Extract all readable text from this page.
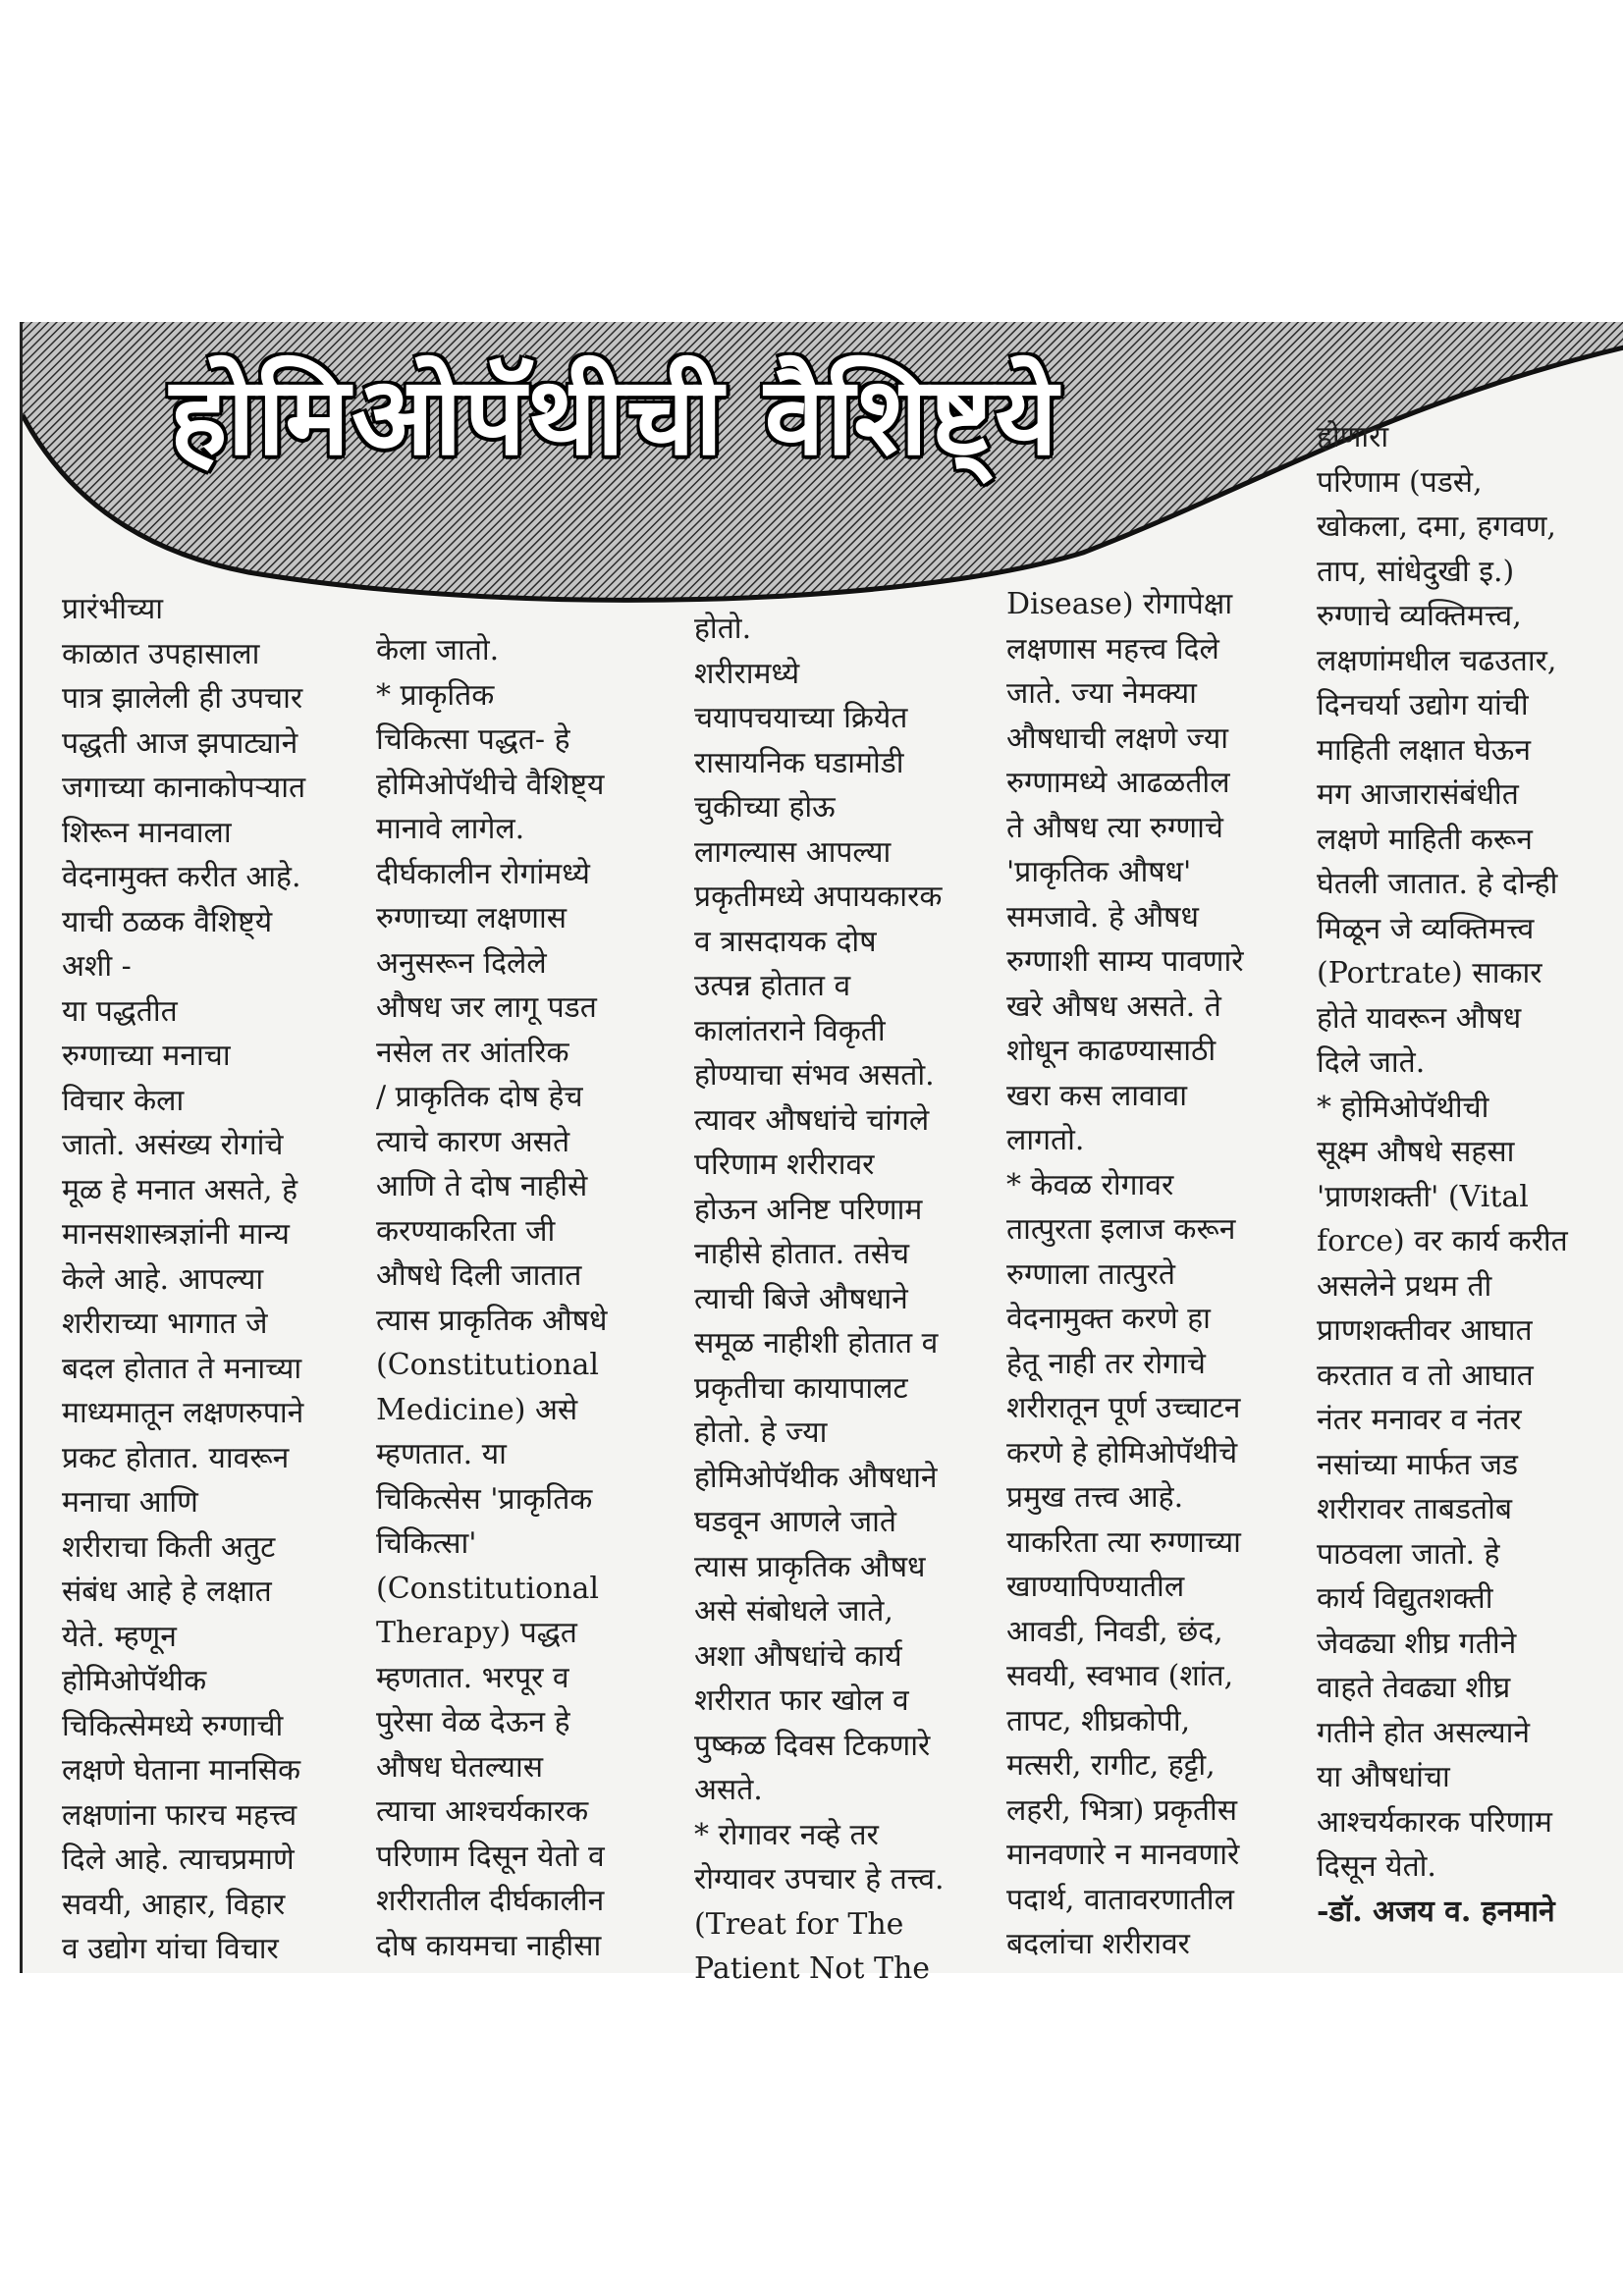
होमिओपॅथीची वैशिष्ट्ये

प्रारंभीच्या
काळात उपहासाला
पात्र झालेली ही उपचार
पद्धती आज झपाट्याने
जगाच्या कानाकोपऱ्यात
शिरून मानवाला
वेदनामुक्त करीत आहे.
याची ठळक वैशिष्ट्ये
अशी -
या पद्धतीत
रुग्णाच्या मनाचा
विचार केला
जातो. असंख्य रोगांचे
मूळ हे मनात असते, हे
मानसशास्त्रज्ञांनी मान्य
केले आहे. आपल्या
शरीराच्या भागात जे
बदल होतात ते मनाच्या
माध्यमातून लक्षणरुपाने
प्रकट होतात. यावरून
मनाचा आणि
शरीराचा किती अतुट
संबंध आहे हे लक्षात
येते. म्हणून
होमिओपॅथीक
चिकित्सेमध्ये रुग्णाची
लक्षणे घेताना मानसिक
लक्षणांना फारच महत्त्व
दिले आहे. त्याचप्रमाणे
सवयी, आहार, विहार
व उद्योग यांचा विचार

केला जातो.
* प्राकृतिक
चिकित्सा पद्धत- हे
होमिओपॅथीचे वैशिष्ट्य
मानावे लागेल.
दीर्घकालीन रोगांमध्ये
रुग्णाच्या लक्षणास
अनुसरून दिलेले
औषध जर लागू पडत
नसेल तर आंतरिक
/ प्राकृतिक दोष हेच
त्याचे कारण असते
आणि ते दोष नाहीसे
करण्याकरिता जी
औषधे दिली जातात
त्यास प्राकृतिक औषधे
(Constitutional
Medicine) असे
म्हणतात. या
चिकित्सेस 'प्राकृतिक
चिकित्सा'
(Constitutional
Therapy) पद्धत
म्हणतात. भरपूर व
पुरेसा वेळ देऊन हे
औषध घेतल्यास
त्याचा आश्चर्यकारक
परिणाम दिसून येतो व
शरीरातील दीर्घकालीन
दोष कायमचा नाहीसा

होतो.
शरीरामध्ये
चयापचयाच्या क्रियेत
रासायनिक घडामोडी
चुकीच्या होऊ
लागल्यास आपल्या
प्रकृतीमध्ये अपायकारक
व त्रासदायक दोष
उत्पन्न होतात व
कालांतराने विकृती
होण्याचा संभव असतो.
त्यावर औषधांचे चांगले
परिणाम शरीरावर
होऊन अनिष्ट परिणाम
नाहीसे होतात. तसेच
त्याची बिजे औषधाने
समूळ नाहीशी होतात व
प्रकृतीचा कायापालट
होतो. हे ज्या
होमिओपॅथीक औषधाने
घडवून आणले जाते
त्यास प्राकृतिक औषध
असे संबोधले जाते,
अशा औषधांचे कार्य
शरीरात फार खोल व
पुष्कळ दिवस टिकणारे
असते.
* रोगावर नव्हे तर
रोग्यावर उपचार हे तत्त्व.
(Treat for The
Patient Not The

Disease) रोगापेक्षा
लक्षणास महत्त्व दिले
जाते. ज्या नेमक्या
औषधाची लक्षणे ज्या
रुग्णामध्ये आढळतील
ते औषध त्या रुग्णाचे
'प्राकृतिक औषध'
समजावे. हे औषध
रुग्णाशी साम्य पावणारे
खरे औषध असते. ते
शोधून काढण्यासाठी
खरा कस लावावा
लागतो.
* केवळ रोगावर
तात्पुरता इलाज करून
रुग्णाला तात्पुरते
वेदनामुक्त करणे हा
हेतू नाही तर रोगाचे
शरीरातून पूर्ण उच्चाटन
करणे हे होमिओपॅथीचे
प्रमुख तत्त्व आहे.
याकरिता त्या रुग्णाच्या
खाण्यापिण्यातील
आवडी, निवडी, छंद,
सवयी, स्वभाव (शांत,
तापट, शीघ्रकोपी,
मत्सरी, रागीट, हट्टी,
लहरी, भित्रा) प्रकृतीस
मानवणारे न मानवणारे
पदार्थ, वातावरणातील
बदलांचा शरीरावर

होणारा
परिणाम (पडसे,
खोकला, दमा, हगवण,
ताप, सांधेदुखी इ.)
रुग्णाचे व्यक्तिमत्त्व,
लक्षणांमधील चढउतार,
दिनचर्या उद्योग यांची
माहिती लक्षात घेऊन
मग आजारासंबंधीत
लक्षणे माहिती करून
घेतली जातात. हे दोन्ही
मिळून जे व्यक्तिमत्त्व
(Portrate) साकार
होते यावरून औषध
दिले जाते.
* होमिओपॅथीची
सूक्ष्म औषधे सहसा
'प्राणशक्ती' (Vital
force) वर कार्य करीत
असलेने प्रथम ती
प्राणशक्तीवर आघात
करतात व तो आघात
नंतर मनावर व नंतर
नसांच्या मार्फत जड
शरीरावर ताबडतोब
पाठवला जातो. हे
कार्य विद्युतशक्ती
जेवढ्या शीघ्र गतीने
वाहते तेवढ्या शीघ्र
गतीने होत असल्याने
या औषधांचा
आश्चर्यकारक परिणाम
दिसून येतो.

-डॉ. अजय व. हनमाने
